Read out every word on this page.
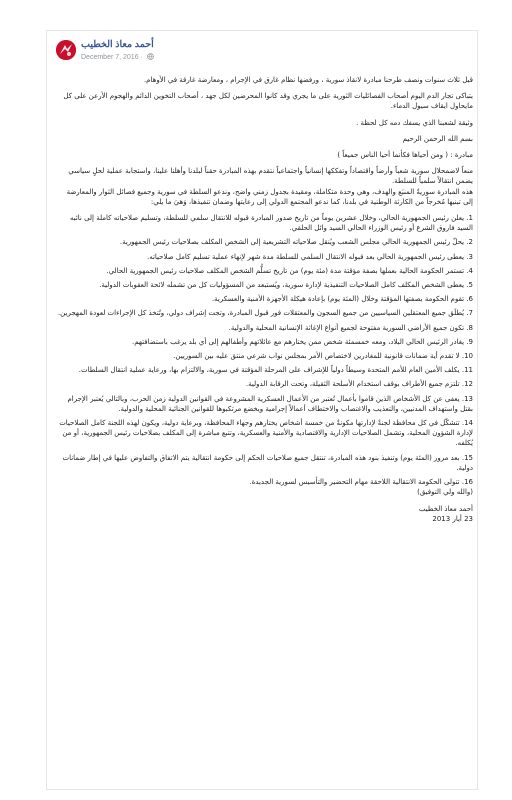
أحمد معاذ الخطيب
December 7, 2016 ·

قبل ثلاث سنوات ونصف طرحنا مبادرة لانقاذ سورية ، ورفضها نظام غارق في الإجرام ، ومعارضة غارقة في الأوهام.

يتباكى تجار الدم اليوم أصحاب الفصائليات الثورية على ما يجري وقد كانوا المحرضين لكل جهد ، أصحاب التخوين الدائم والهجوم الأرعن على كل مايحاول ايقاف سيول الدماء.

وثيقة لشعبنا الذي يسفك دمه كل لحظة .

بسم الله الرحمن الرحيم

مبادرة : ( ومن أحياها فكأنما أحيا الناس جميعاً )

منعاً لاضمحلال سورية شعباً وأرضاً واقتصاداً وتفككها إنسانياً واجتماعياً نتقدم بهذه المبادرة حقناً لبلدنا وأهلنا علينا، واستجابة عملية لحلٍ سياسي يضمن انتقالاً سلمياً للسلطة.

هذه المبادرة سوريةٌ المنبَع والهدف، وهي وحدة متكاملة، ومقيدة بجدول زمني واضح، وندعو السلطة في سورية وجميع فصائل الثوار والمعارضة إلى تبنيها مُخرجاً من الكارثة الوطنية في بلدنا، كما ندعو المجتمع الدولي إلى رعايتها وضمان تنفيذها، وَهيَ ما يلي:

1. يعلن رئيس الجمهورية الحالي، وخلال عشرين يوماً من تاريخ صدور المبادرة قبوله للانتقال سلمي للسلطة، وتسليم صلاحياته كاملة إلى نائبه السيد فاروق الشرع أو رئيس الوزراء الحالي السيد وائل الحلقي.

2. يحلّ رئيس الجمهورية الحالي مجلس الشعب ويُنقل صلاحياته التشريعية إلى الشخص المكلف بصلاحيات رئيس الجمهورية.

3. يعطى رئيس الجمهورية الحالي بعد قبوله الانتقال السلمي للسلطة مدة شهر لإنهاء عملية تسليم كامل صلاحياته.

4. تستمر الحكومة الحالية بعملها بصفة مؤقتة مدة (مئة يوم) من تاريخ تسلُّم الشخص المكلف صلاحيات رئيس الجمهورية الحالي.

5. يعطى الشخص المكلف كامل الصلاحيات التنفيذية لإدارة سورية، ويُستبعد من المسؤوليات كل من تشمله لائحة العقوبات الدولية.

6. تقوم الحكومة بصفتها المؤقتة وخلال (المئة يوم) بإعادة هيكلة الأجهزة الأمنية والعسكرية.

7. يُطلَق جميع المعتقلين السياسيين من جميع السجون والمعتقلات فور قبول المبادرة، وتجت إشراف دولي، وتُتخذ كل الإجراءات لعودة المهجرين.

8. تكون جميع الأراضي السورية مفتوحة لجميع أنواع الإغاثة الإنسانية المحلية والدولية.

9. يغادر الرئيس الحالي البلاد، ومعه خمسمئة شخص ممن يختارهم مع عائلاتهم وأطفالهم إلى أي بلد يرغب باستضافتهم.

10. لا تقدم أية ضمانات قانونية للمغادرين لاختصاص الأمر بمجلس نواب شرعي منتق عليه بين السوريين.

11. يكلف الأمين العام للأمم المتحدة وسيطاً دولياً للإشراف على المرحلة المؤقتة في سورية، والالتزام بها، ورعاية عملية انتقال السلطات.

12. تلتزم جميع الأطراف بوقف استخدام الأسلحة الثقيلة، وتحت الرقابة الدولية.

13. يعفى عن كل الأشخاص الذين قاموا بأعمال تُعتبر من الأعمال العسكرية المشروعة في القوانين الدولية زمن الحرب، وبالتالي يُعتبر الإجرام بقتل واستهداف المدنيين، والتعذيب والاغتصاب والاختطاف أعمالاً إجرامية ويخضع مرتكبوها للقوانين الجنائية المحلية والدولية.

14. تتشكّل في كل محافظة لجنةٌ لإدارتها مكونةٌ من خمسة أشخاص يختارهم وجهاء المحافظة، وبرعاية دولية، ويكون لهذه اللجنة كامل الصلاحيات لإدارة الشؤون المحلية، وتشمل الصلاحيات الإدارية والاقتصادية والأمنية والعسكرية، وتتبع مباشرة إلى المكلف بصلاحيات رئيس الجمهورية، أو من يُكلفه.

15. بعد مرور (المئة يوم) وتنفيذ بنود هذه المبادرة، تنتقل جميع صلاحيات الحكم إلى حكومة انتقالية يتم الاتفاق والتفاوض عليها في إطار ضمانات دولية.

16. تتولى الحكومة الانتقالية اللاحقة مهام التحضير والتأسيس لسورية الجديدة.

(والله ولي التوفيق)

أحمد معاذ الخطيب

23 أيار 2013
